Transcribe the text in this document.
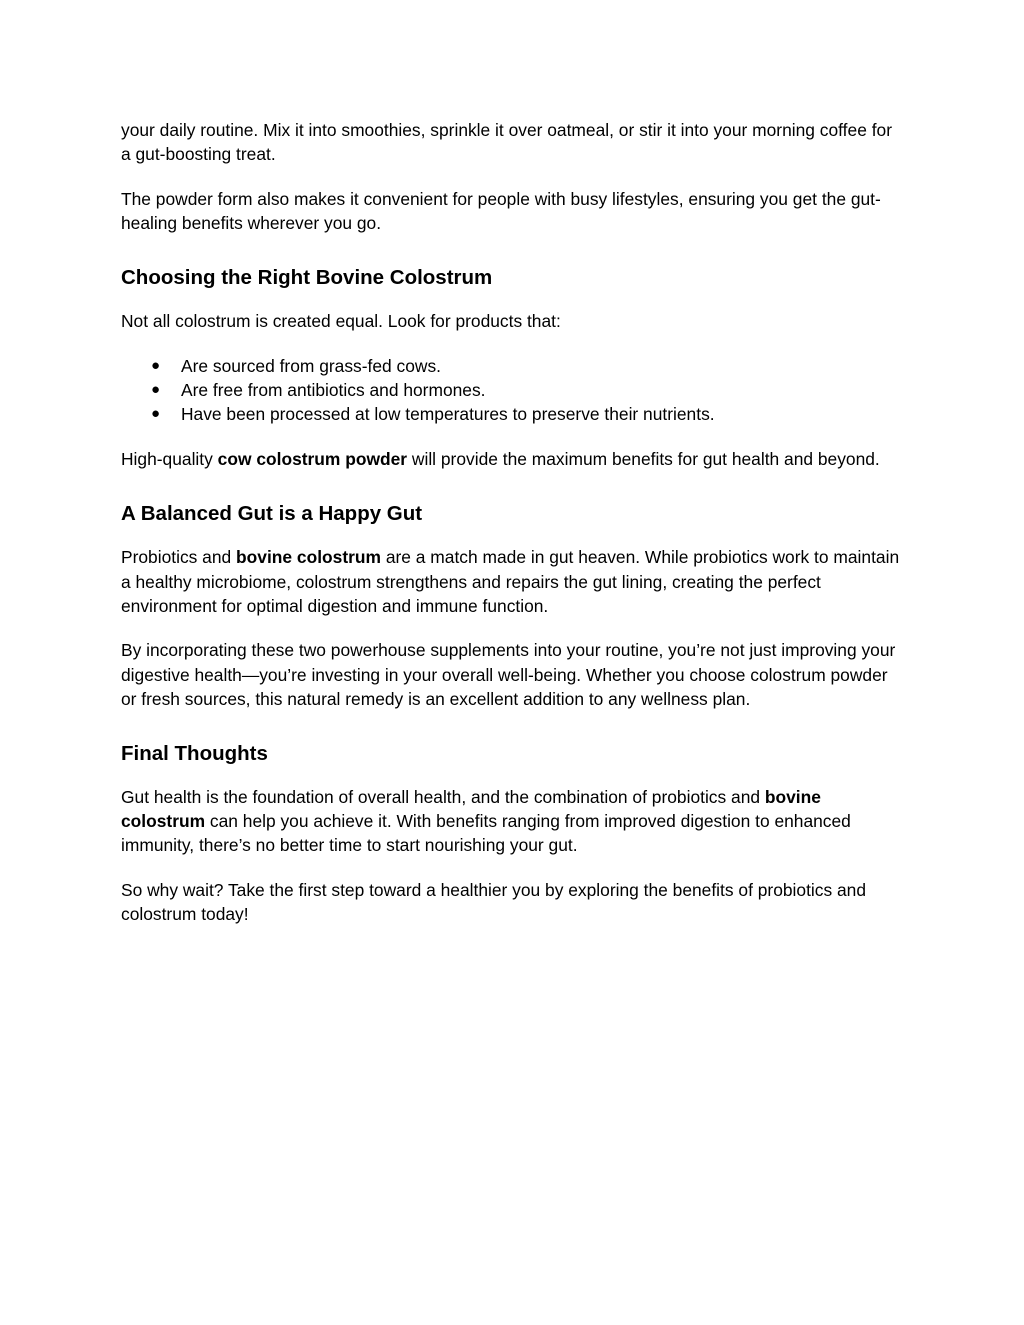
your daily routine. Mix it into smoothies, sprinkle it over oatmeal, or stir it into your morning coffee for a gut-boosting treat.

The powder form also makes it convenient for people with busy lifestyles, ensuring you get the gut-healing benefits wherever you go.

Choosing the Right Bovine Colostrum

Not all colostrum is created equal. Look for products that:

● Are sourced from grass-fed cows.
● Are free from antibiotics and hormones.
● Have been processed at low temperatures to preserve their nutrients.

High-quality cow colostrum powder will provide the maximum benefits for gut health and beyond.

A Balanced Gut is a Happy Gut

Probiotics and bovine colostrum are a match made in gut heaven. While probiotics work to maintain a healthy microbiome, colostrum strengthens and repairs the gut lining, creating the perfect environment for optimal digestion and immune function.

By incorporating these two powerhouse supplements into your routine, you’re not just improving your digestive health—you’re investing in your overall well-being. Whether you choose colostrum powder or fresh sources, this natural remedy is an excellent addition to any wellness plan.

Final Thoughts

Gut health is the foundation of overall health, and the combination of probiotics and bovine colostrum can help you achieve it. With benefits ranging from improved digestion to enhanced immunity, there’s no better time to start nourishing your gut.

So why wait? Take the first step toward a healthier you by exploring the benefits of probiotics and colostrum today!
